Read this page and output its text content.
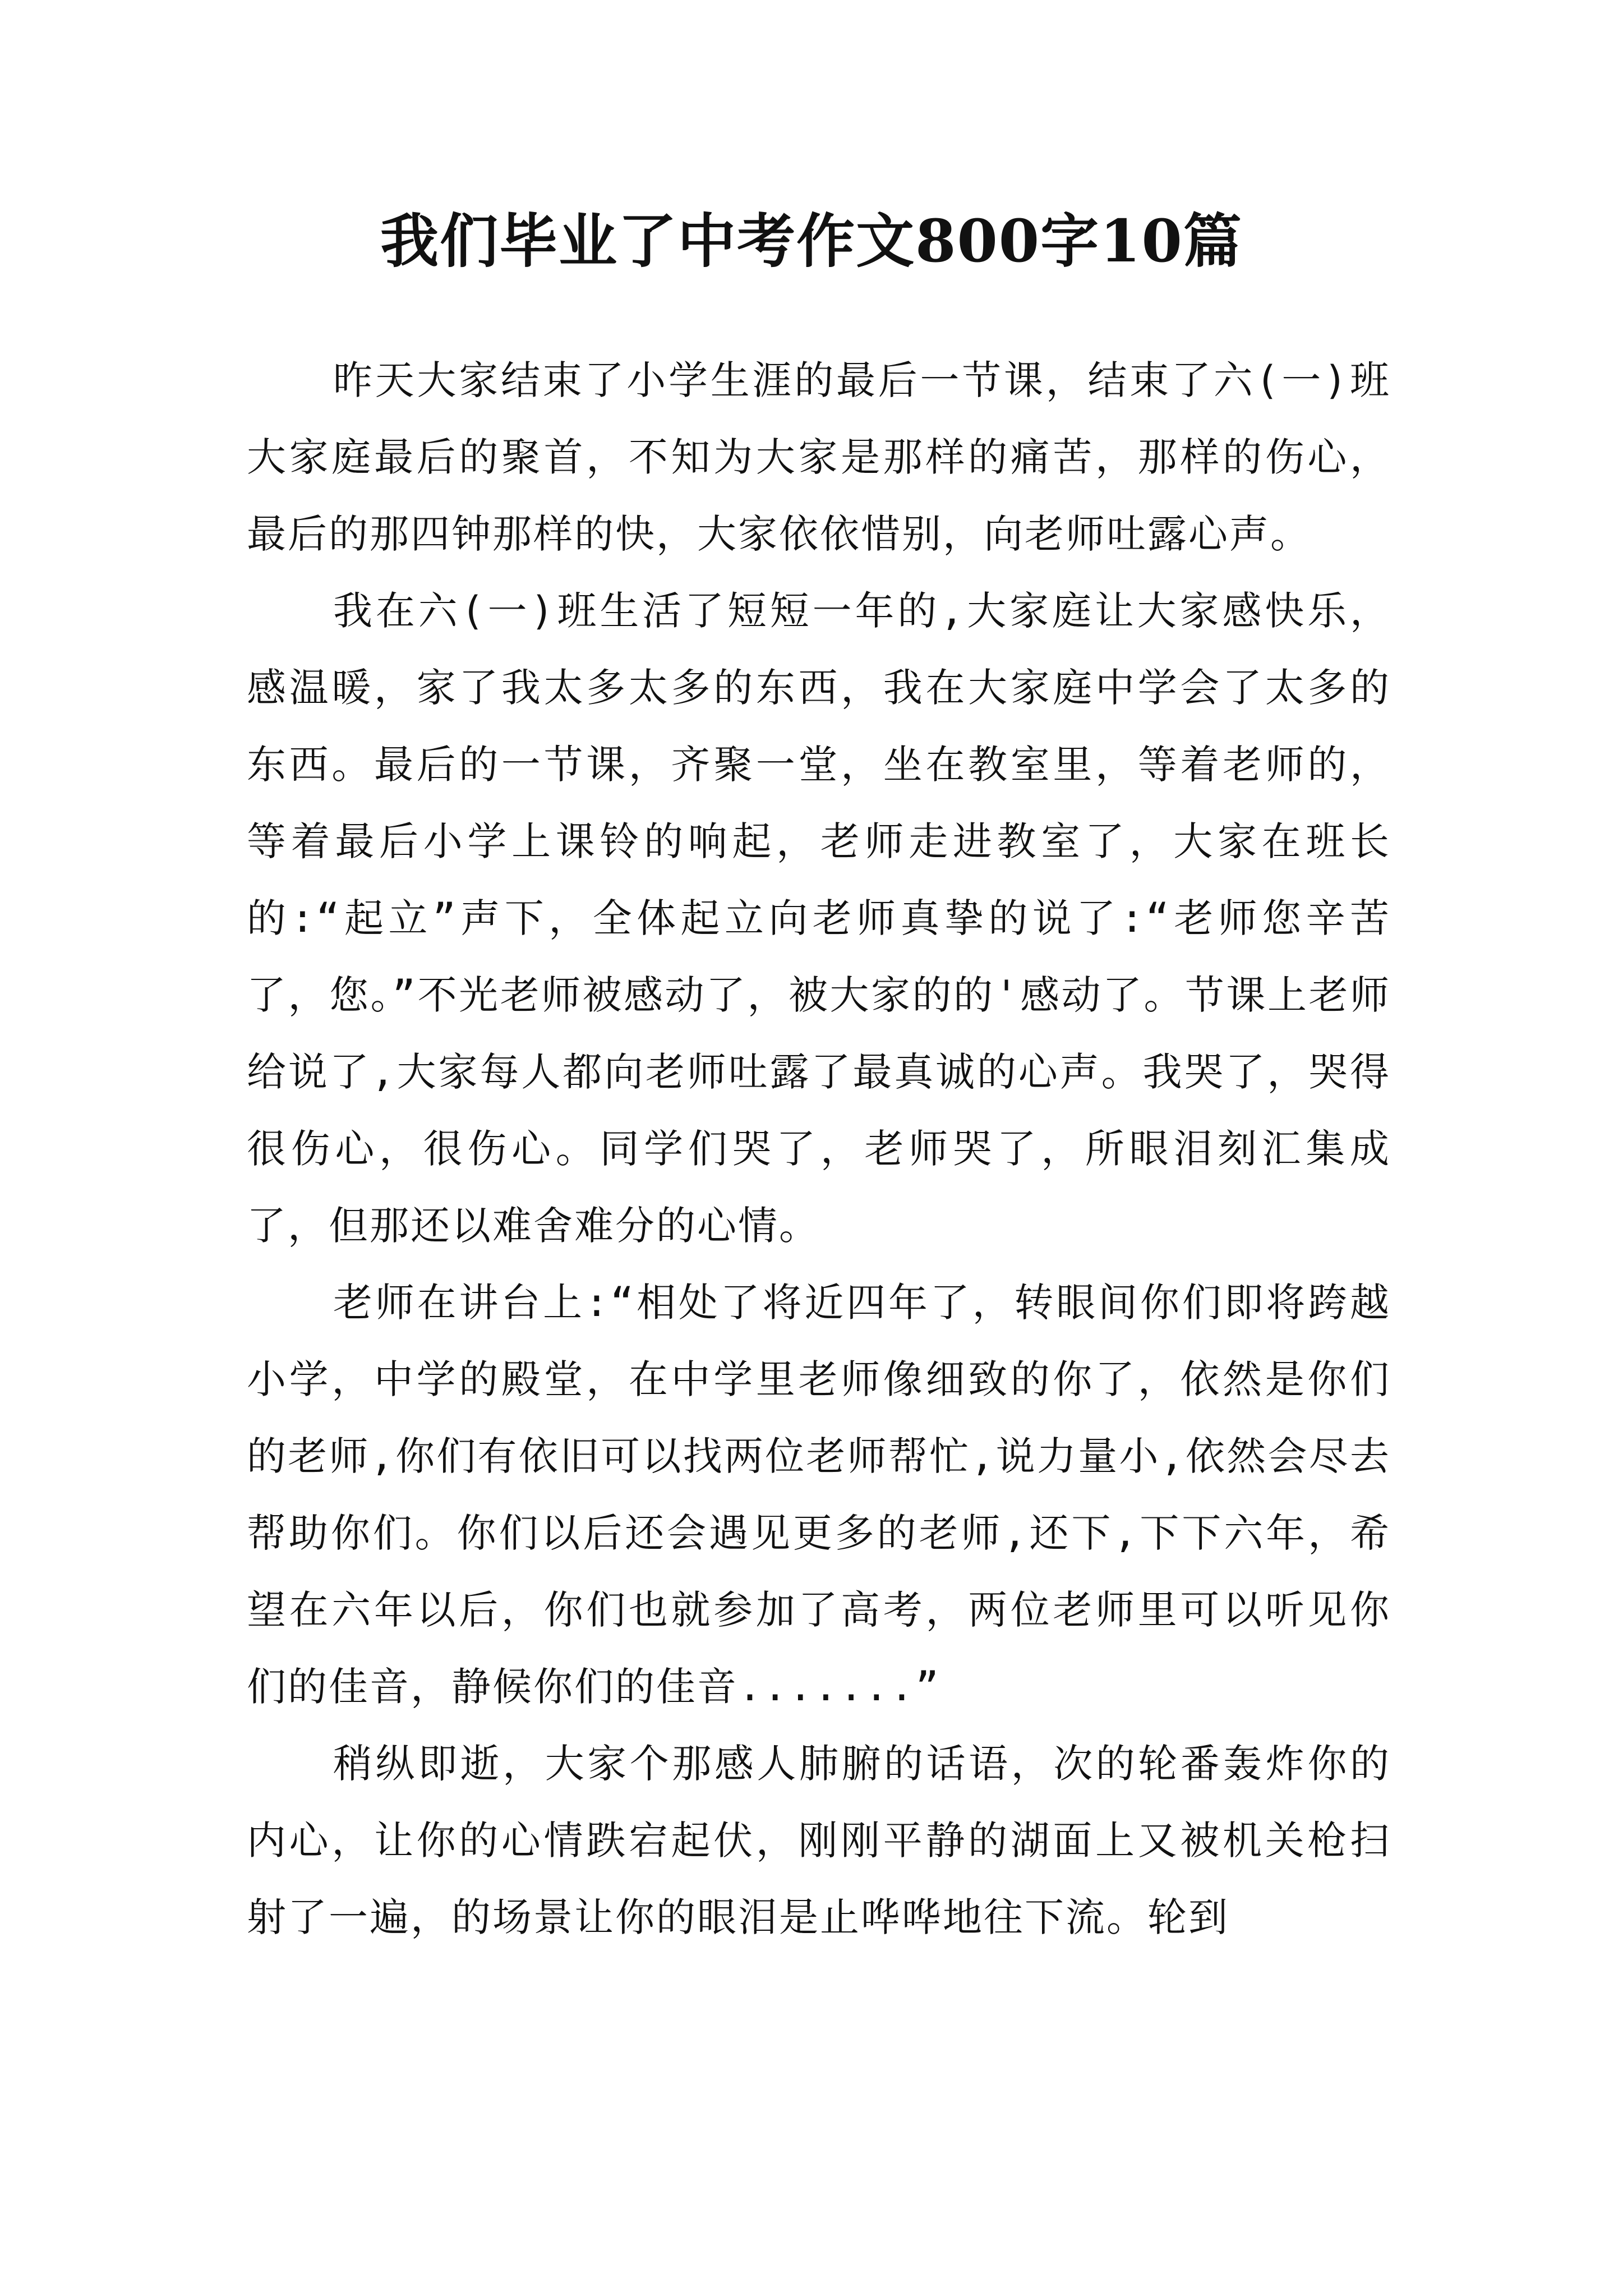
我们毕业了中考作文800字10篇

昨天大家结束了小学生涯的最后一节课，结束了六(一)班大家庭最后的聚首，不知为大家是那样的痛苦，那样的伤心，最后的那四钟那样的快，大家依依惜别，向老师吐露心声。

我在六(一)班生活了短短一年的,大家庭让大家感快乐，感温暖，家了我太多太多的东西，我在大家庭中学会了太多的东西。最后的一节课，齐聚一堂，坐在教室里，等着老师的，等着最后小学上课铃的响起，老师走进教室了，大家在班长的:“起立”声下，全体起立向老师真挚的说了:“老师您辛苦了，您。”不光老师被感动了，被大家的的'感动了。节课上老师给说了,大家每人都向老师吐露了最真诚的心声。我哭了，哭得很伤心，很伤心。同学们哭了，老师哭了，所眼泪刻汇集成了，但那还以难舍难分的心情。

老师在讲台上:“相处了将近四年了，转眼间你们即将跨越小学，中学的殿堂，在中学里老师像细致的你了，依然是你们的老师,你们有依旧可以找两位老师帮忙,说力量小,依然会尽去帮助你们。你们以后还会遇见更多的老师,还下,下下六年，希望在六年以后，你们也就参加了高考，两位老师里可以听见你们的佳音，静候你们的佳音.......”

稍纵即逝，大家个那感人肺腑的话语，次的轮番轰炸你的内心，让你的心情跌宕起伏，刚刚平静的湖面上又被机关枪扫射了一遍，的场景让你的眼泪是止哗哗地往下流。轮到
